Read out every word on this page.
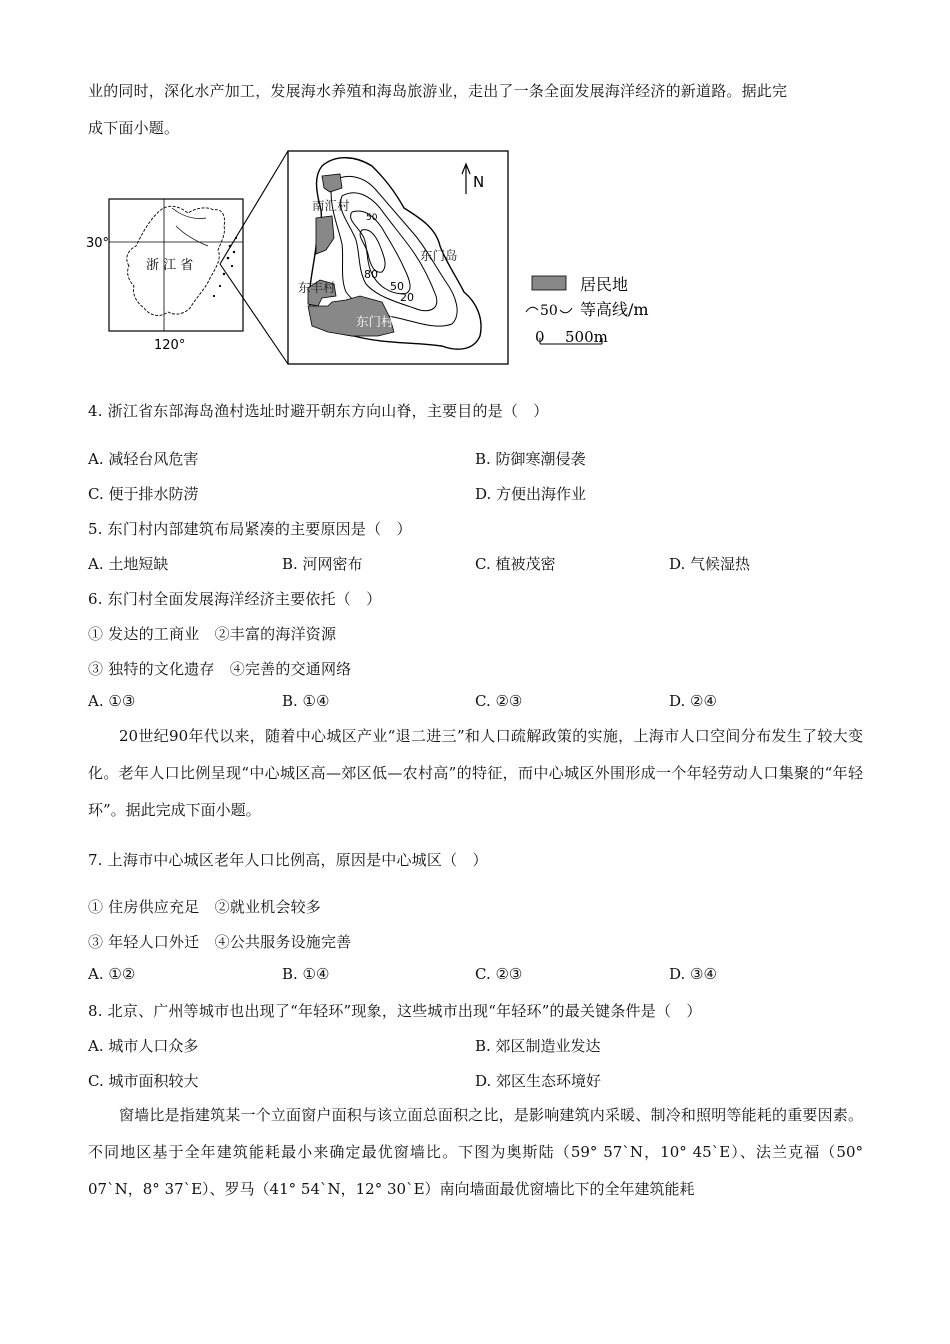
业的同时，深化水产加工，发展海水养殖和海岛旅游业，走出了一条全面发展海洋经济的新道路。据此完
成下面小题。
30°
120°
浙 江 省
N
南汇村
东门岛
东丰村
东门村
80
50
20
50
居民地
50 等高线/m
0 500m
4. 浙江省东部海岛渔村选址时避开朝东方向山脊，主要目的是（　）
A. 减轻台风危害	B. 防御寒潮侵袭
C. 便于排水防涝	D. 方便出海作业
5. 东门村内部建筑布局紧凑的主要原因是（　）
A. 土地短缺	B. 河网密布	C. 植被茂密	D. 气候湿热
6. 东门村全面发展海洋经济主要依托（　）
① 发达的工商业　②丰富的海洋资源
③ 独特的文化遗存　④完善的交通网络
A. ①③	B. ①④	C. ②③	D. ②④
20世纪90年代以来，随着中心城区产业“退二进三”和人口疏解政策的实施，上海市人口空间分布发生了较大变化。老年人口比例呈现“中心城区高—郊区低—农村高”的特征，而中心城区外围形成一个年轻劳动人口集聚的“年轻环”。据此完成下面小题。
7. 上海市中心城区老年人口比例高，原因是中心城区（　）
① 住房供应充足　②就业机会较多
③ 年轻人口外迁　④公共服务设施完善
A. ①②	B. ①④	C. ②③	D. ③④
8. 北京、广州等城市也出现了“年轻环”现象，这些城市出现“年轻环”的最关键条件是（　）
A. 城市人口众多	B. 郊区制造业发达
C. 城市面积较大	D. 郊区生态环境好
窗墙比是指建筑某一个立面窗户面积与该立面总面积之比，是影响建筑内采暖、制冷和照明等能耗的重要因素。不同地区基于全年建筑能耗最小来确定最优窗墙比。下图为奥斯陆（59° 57`N，10° 45`E）、法兰克福（50° 07`N，8° 37`E）、罗马（41° 54`N，12° 30`E）南向墙面最优窗墙比下的全年建筑能耗
